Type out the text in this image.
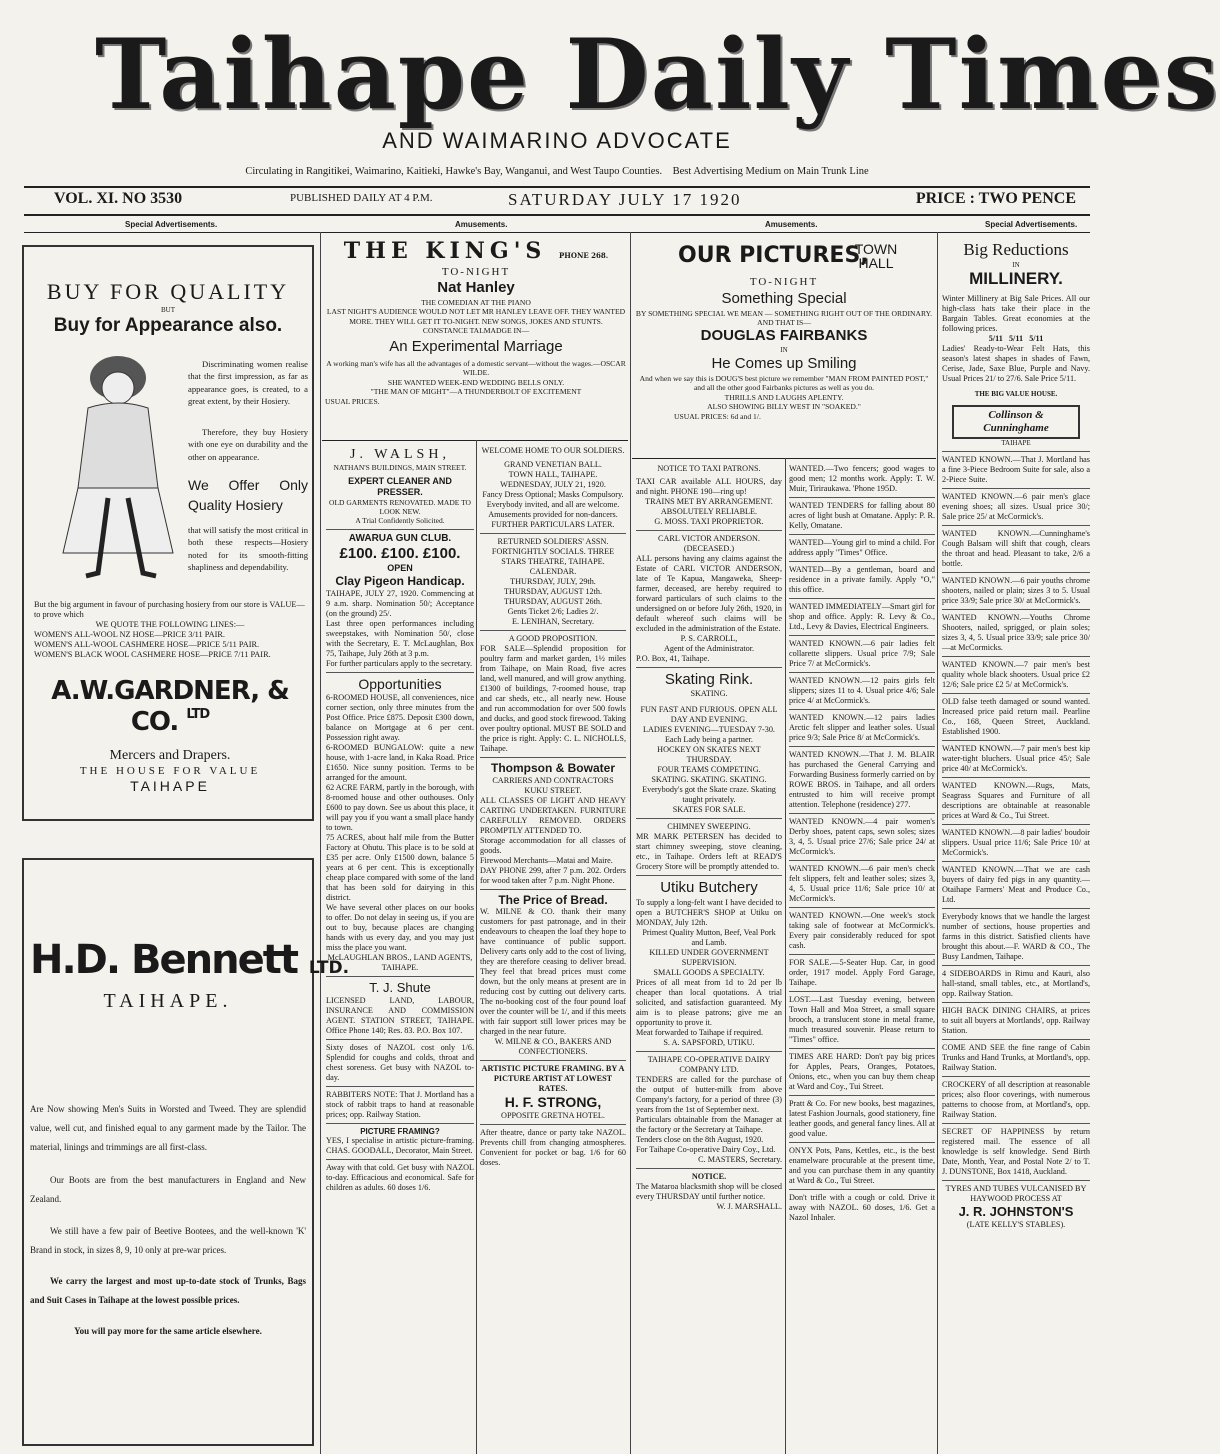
Taihape Daily Times
AND WAIMARINO ADVOCATE
Circulating in Rangitikei, Waimarino, Kaitieki, Hawke's Bay, Wanganui, and West Taupo Counties. Best Advertising Medium on Main Trunk Line
VOL. XI. NO 3530	PUBLISHED DAILY AT 4 P.M.	SATURDAY JULY 17 1920	PRICE : TWO PENCE
Special Advertisements.	Amusements.	Amusements.	Special Advertisements.
BUY FOR QUALITY
BUT
Buy for Appearance also.

Discriminating women realise that the first impression, as far as appearance goes, is created, to a great extent, by their Hosiery.

Therefore, they buy Hosiery with one eye on durability and the other on appearance.

We Offer Only Quality Hosiery

that will satisfy the most critical in both these respects—Hosiery noted for its smooth-fitting shapliness and dependability.

But the big argument in favour of purchasing hosiery from our store is VALUE—to prove which

WE QUOTE THE FOLLOWING LINES:—

WOMEN'S ALL-WOOL NZ HOSE—PRICE 3/11 PAIR.

WOMEN'S ALL-WOOL CASHMERE HOSE—PRICE 5/11 PAIR.

WOMEN'S BLACK WOOL CASHMERE HOSE—PRICE 7/11 PAIR.

A.W.GARDNER, & CO. $^{LTD}$
Mercers and Drapers.
THE HOUSE FOR VALUE
TAIHAPE
H.D. Bennett LTD.
TAIHAPE.

Are Now showing Men's Suits in Worsted and Tweed. They are splendid value, well cut, and finished equal to any garment made by the Tailor. The material, linings and trimmings are all first-class.

Our Boots are from the best manufacturers in England and New Zealand.

We still have a few pair of Beetive Bootees, and the well-known 'K' Brand in stock, in sizes 8, 9, 10 only at pre-war prices.

We carry the largest and most up-to-date stock of Trunks, Bags and Suit Cases in Taihape at the lowest possible prices.

You will pay more for the same article elsewhere.

THE KING'S PHONE 268.
TO-NIGHT
Nat Hanley
THE COMEDIAN AT THE PIANO
LAST NIGHT'S AUDIENCE WOULD NOT LET MR HANLEY LEAVE OFF. THEY WANTED MORE. THEY WILL GET IT TO-NIGHT. NEW SONGS, JOKES AND STUNTS.
CONSTANCE TALMADGE IN—
An Experimental Marriage
A working man's wife has all the advantages of a domestic servant—without the wages.—OSCAR WILDE.
SHE WANTED WEEK-END WEDDING BELLS ONLY.
"THE MAN OF MIGHT"—A THUNDERBOLT OF EXCITEMENT
USUAL PRICES.
J. WALSH,
NATHAN'S BUILDINGS, MAIN STREET.
EXPERT CLEANER AND PRESSER.
OLD GARMENTS RENOVATED. MADE TO LOOK NEW.
A Trial Confidently Solicited.
AWARUA GUN CLUB.
£100. £100. £100.
OPEN
Clay Pigeon Handicap.

TAIHAPE, JULY 27, 1920. Commencing at 9 a.m. sharp. Nomination 50/; Acceptance (on the ground) 25/.

Last three open performances including sweepstakes, with Nomination 50/, close with the Secretary, E. T. McLaughlan, Box 75, Taihape, July 26th at 3 p.m.

For further particulars apply to the secretary.

Opportunities

6-ROOMED HOUSE, all conveniences, nice corner section, only three minutes from the Post Office. Price £875. Deposit £300 down, balance on Mortgage at 6 per cent. Possession right away.

6-ROOMED BUNGALOW: quite a new house, with 1-acre land, in Kaka Road. Price £1650. Nice sunny position. Terms to be arranged for the amount.

62 ACRE FARM, partly in the borough, with 8-roomed house and other outhouses. Only £600 to pay down. See us about this place, it will pay you if you want a small place handy to town.

75 ACRES, about half mile from the Butter Factory at Ohutu. This place is to be sold at £35 per acre. Only £1500 down, balance 5 years at 6 per cent. This is exceptionally cheap place compared with some of the land that has been sold for dairying in this district.

We have several other places on our books to offer. Do not delay in seeing us, if you are out to buy, because places are changing hands with us every day, and you may just miss the place you want.

McLAUGHLAN BROS., LAND AGENTS, TAIHAPE.

T. J. Shute

LICENSED LAND, LABOUR, INSURANCE AND COMMISSION AGENT. STATION STREET, TAIHAPE. Office Phone 140; Res. 83. P.O. Box 107.

Sixty doses of NAZOL cost only 1/6. Splendid for coughs and colds, throat and chest soreness. Get busy with NAZOL to-day.

RABBITERS NOTE: That J. Mortland has a stock of rabbit traps to hand at reasonable prices; opp. Railway Station.

PICTURE FRAMING?

YES, I specialise in artistic picture-framing. CHAS. GOODALL, Decorator, Main Street.

Away with that cold. Get busy with NAZOL to-day. Efficacious and economical. Safe for children as adults. 60 doses 1/6.

WELCOME HOME TO OUR SOLDIERS.
GRAND VENETIAN BALL.
TOWN HALL, TAIHAPE.
WEDNESDAY, JULY 21, 1920.
Fancy Dress Optional; Masks Compulsory.
Everybody invited, and all are welcome.
Amusements provided for non-dancers.
FURTHER PARTICULARS LATER.
RETURNED SOLDIERS' ASSN.
FORTNIGHTLY SOCIALS. THREE STARS THEATRE, TAIHAPE.
CALENDAR.
THURSDAY, JULY, 29th.
THURSDAY, AUGUST 12th.
THURSDAY, AUGUST 26th.
Gents Ticket 2/6; Ladies 2/.
E. LENIHAN, Secretary.
A GOOD PROPOSITION.

FOR SALE—Splendid proposition for poultry farm and market garden, 1½ miles from Taihape, on Main Road, five acres land, well manured, and will grow anything. £1300 of buildings, 7-roomed house, trap and car sheds, etc., all nearly new. House and run accommodation for over 500 fowls and ducks, and good stock firewood. Taking over poultry optional. MUST BE SOLD and the price is right. Apply: C. L. NICHOLLS, Taihape.

Thompson & Bowater
CARRIERS AND CONTRACTORS KUKU STREET.

ALL CLASSES OF LIGHT AND HEAVY CARTING UNDERTAKEN. FURNITURE CAREFULLY REMOVED. ORDERS PROMPTLY ATTENDED TO.

Storage accommodation for all classes of goods.

Firewood Merchants—Matai and Maire.

DAY PHONE 299, after 7 p.m. 202. Orders for wood taken after 7 p.m. Night Phone.

The Price of Bread.

W. MILNE & CO. thank their many customers for past patronage, and in their endeavours to cheapen the loaf they hope to have continuance of public support. Delivery carts only add to the cost of living, they are therefore ceasing to deliver bread. They feel that bread prices must come down, but the only means at present are in reducing cost by cutting out delivery carts. The no-booking cost of the four pound loaf over the counter will be 1/, and if this meets with fair support still lower prices may be charged in the near future.

W. MILNE & CO., BAKERS AND CONFECTIONERS.

ARTISTIC PICTURE FRAMING. BY A PICTURE ARTIST AT LOWEST RATES.
H. F. STRONG,
OPPOSITE GRETNA HOTEL.

After theatre, dance or party take NAZOL. Prevents chill from changing atmospheres. Convenient for pocket or bag. 1/6 for 60 doses.

OUR PICTURES,
TOWN HALL
TO-NIGHT
Something Special
BY SOMETHING SPECIAL WE MEAN — SOMETHING RIGHT OUT OF THE ORDINARY. AND THAT IS—
DOUGLAS FAIRBANKS
IN
He Comes up Smiling
And when we say this is DOUG'S best picture we remember "MAN FROM PAINTED POST," and all the other good Fairbanks pictures as well as you do.
THRILLS AND LAUGHS APLENTY.
ALSO SHOWING BILLY WEST IN "SOAKED."
USUAL PRICES: 6d and 1/.
NOTICE TO TAXI PATRONS.

TAXI CAR available ALL HOURS, day and night. PHONE 190—ring up!

TRAINS MET BY ARRANGEMENT.
ABSOLUTELY RELIABLE.
G. MOSS. TAXI PROPRIETOR.
CARL VICTOR ANDERSON. (DECEASED.)

ALL persons having any claims against the Estate of CARL VICTOR ANDERSON, late of Te Kapua, Mangaweka, Sheep-farmer, deceased, are hereby required to forward particulars of such claims to the undersigned on or before July 26th, 1920, in default whereof such claims will be excluded in the administration of the Estate.

P. S. CARROLL,
Agent of the Administrator.
P.O. Box, 41, Taihape.
Skating Rink.
SKATING.
FUN FAST AND FURIOUS. OPEN ALL DAY AND EVENING.
LADIES EVENING—TUESDAY 7-30. Each Lady being a partner.
HOCKEY ON SKATES NEXT THURSDAY.
FOUR TEAMS COMPETING.
SKATING. SKATING. SKATING.
Everybody's got the Skate craze. Skating taught privately.
SKATES FOR SALE.
CHIMNEY SWEEPING.

MR MARK PETERSEN has decided to start chimney sweeping, stove cleaning, etc., in Taihape. Orders left at READ'S Grocery Store will be promptly attended to.

Utiku Butchery

To supply a long-felt want I have decided to open a BUTCHER'S SHOP at Utiku on MONDAY, July 12th.

Primest Quality Mutton, Beef, Veal Pork and Lamb.
KILLED UNDER GOVERNMENT SUPERVISION.
SMALL GOODS A SPECIALTY.

Prices of all meat from 1d to 2d per lb cheaper than local quotations. A trial solicited, and satisfaction guaranteed. My aim is to please patrons; give me an opportunity to prove it.

Meat forwarded to Taihape if required.

S. A. SAPSFORD, UTIKU.
TAIHAPE CO-OPERATIVE DAIRY COMPANY LTD.

TENDERS are called for the purchase of the output of butter-milk from above Company's factory, for a period of three (3) years from the 1st of September next.

Particulars obtainable from the Manager at the factory or the Secretary at Taihape.

Tenders close on the 8th August, 1920.

For Taihape Co-operative Dairy Coy., Ltd.

C. MASTERS, Secretary.
NOTICE.

The Mataroa blacksmith shop will be closed every THURSDAY until further notice.

W. J. MARSHALL.

WANTED.—Two fencers; good wages to good men; 12 months work. Apply: T. W. Muir, Tiriraukawa. 'Phone 195D.

WANTED TENDERS for falling about 80 acres of light bush at Omatane. Apply: P. R. Kelly, Omatane.

WANTED—Young girl to mind a child. For address apply "Times" Office.

WANTED—By a gentleman, board and residence in a private family. Apply "O," this office.

WANTED IMMEDIATELY—Smart girl for shop and office. Apply: R. Levy & Co., Ltd., Levy & Davies, Electrical Engineers.

WANTED KNOWN.—6 pair ladies felt collarette slippers. Usual price 7/9; Sale Price 7/ at McCormick's.

WANTED KNOWN.—12 pairs girls felt slippers; sizes 11 to 4. Usual price 4/6; Sale price 4/ at McCormick's.

WANTED KNOWN.—12 pairs ladies Arctic felt slipper and leather soles. Usual price 9/3; Sale Price 8/ at McCormick's.

WANTED KNOWN.—That J. M. BLAIR has purchased the General Carrying and Forwarding Business formerly carried on by ROWE BROS. in Taihape, and all orders entrusted to him will receive prompt attention. Telephone (residence) 277.

WANTED KNOWN.—4 pair women's Derby shoes, patent caps, sewn soles; sizes 3, 4, 5. Usual price 27/6; Sale price 24/ at McCormick's.

WANTED KNOWN.—6 pair men's check felt slippers, felt and leather soles; sizes 3, 4, 5. Usual price 11/6; Sale price 10/ at McCormick's.

WANTED KNOWN.—One week's stock taking sale of footwear at McCormick's. Every pair considerably reduced for spot cash.

FOR SALE.—5-Seater Hup. Car, in good order, 1917 model. Apply Ford Garage, Taihape.

LOST.—Last Tuesday evening, between Town Hall and Moa Street, a small square brooch, a translucent stone in metal frame, much treasured souvenir. Please return to "Times" office.

TIMES ARE HARD: Don't pay big prices for Apples, Pears, Oranges, Potatoes, Onions, etc., when you can buy them cheap at Ward and Coy., Tui Street.

Pratt & Co. For new books, best magazines, latest Fashion Journals, good stationery, fine leather goods, and general fancy lines. All at good value.

ONYX Pots, Pans, Kettles, etc., is the best enamelware procurable at the present time, and you can purchase them in any quantity at Ward & Co., Tui Street.

Don't trifle with a cough or cold. Drive it away with NAZOL. 60 doses, 1/6. Get a Nazol Inhaler.

Big Reductions
IN
MILLINERY.

Winter Millinery at Big Sale Prices. All our high-class hats take their place in the Bargain Tables. Great economies at the following prices.

5/11   5/11   5/11

Ladies' Ready-to-Wear Felt Hats, this season's latest shapes in shades of Fawn, Cerise, Jade, Saxe Blue, Purple and Navy. Usual Prices 21/ to 27/6. Sale Price 5/11.

THE BIG VALUE HOUSE.
Collinson & Cunninghame
TAIHAPE

WANTED KNOWN.—That J. Mortland has a fine 3-Piece Bedroom Suite for sale, also a 2-Piece Suite.

WANTED KNOWN.—6 pair men's glace evening shoes; all sizes. Usual price 30/; Sale price 25/ at McCormick's.

WANTED KNOWN.—Cunninghame's Cough Balsam will shift that cough, clears the throat and head. Pleasant to take, 2/6 a bottle.

WANTED KNOWN.—6 pair youths chrome shooters, nailed or plain; sizes 3 to 5. Usual price 33/9; Sale price 30/ at McCormick's.

WANTED KNOWN.—Youths Chrome Shooters, nailed, sprigged, or plain soles; sizes 3, 4, 5. Usual price 33/9; sale price 30/—at McCormicks.

WANTED KNOWN.—7 pair men's best quality whole black shooters. Usual price £2 12/6; Sale price £2 5/ at McCormick's.

OLD false teeth damaged or sound wanted. Increased price paid return mail. Pearline Co., 168, Queen Street, Auckland. Established 1900.

WANTED KNOWN.—7 pair men's best kip water-tight bluchers. Usual price 45/; Sale price 40/ at McCormick's.

WANTED KNOWN.—Rugs, Mats, Seagrass Squares and Furniture of all descriptions are obtainable at reasonable prices at Ward & Co., Tui Street.

WANTED KNOWN.—8 pair ladies' boudoir slippers. Usual price 11/6; Sale Price 10/ at McCormick's.

WANTED KNOWN.—That we are cash buyers of dairy fed pigs in any quantity.—Otaihape Farmers' Meat and Produce Co., Ltd.

Everybody knows that we handle the largest number of sections, house properties and farms in this district. Satisfied clients have brought this about.—F. WARD & CO., The Busy Landmen, Taihape.

4 SIDEBOARDS in Rimu and Kauri, also hall-stand, small tables, etc., at Mortland's, opp. Railway Station.

HIGH BACK DINING CHAIRS, at prices to suit all buyers at Mortlands', opp. Railway Station.

COME AND SEE the fine range of Cabin Trunks and Hand Trunks, at Mortland's, opp. Railway Station.

CROCKERY of all description at reasonable prices; also floor coverings, with numerous patterns to choose from, at Mortland's, opp. Railway Station.

SECRET OF HAPPINESS by return registered mail. The essence of all knowledge is self knowledge. Send Birth Date, Month, Year, and Postal Note 2/ to T. J. DUNSTONE, Box 1418, Auckland.

TYRES AND TUBES VULCANISED BY HAYWOOD PROCESS AT
J. R. JOHNSTON'S
(LATE KELLY'S STABLES).
